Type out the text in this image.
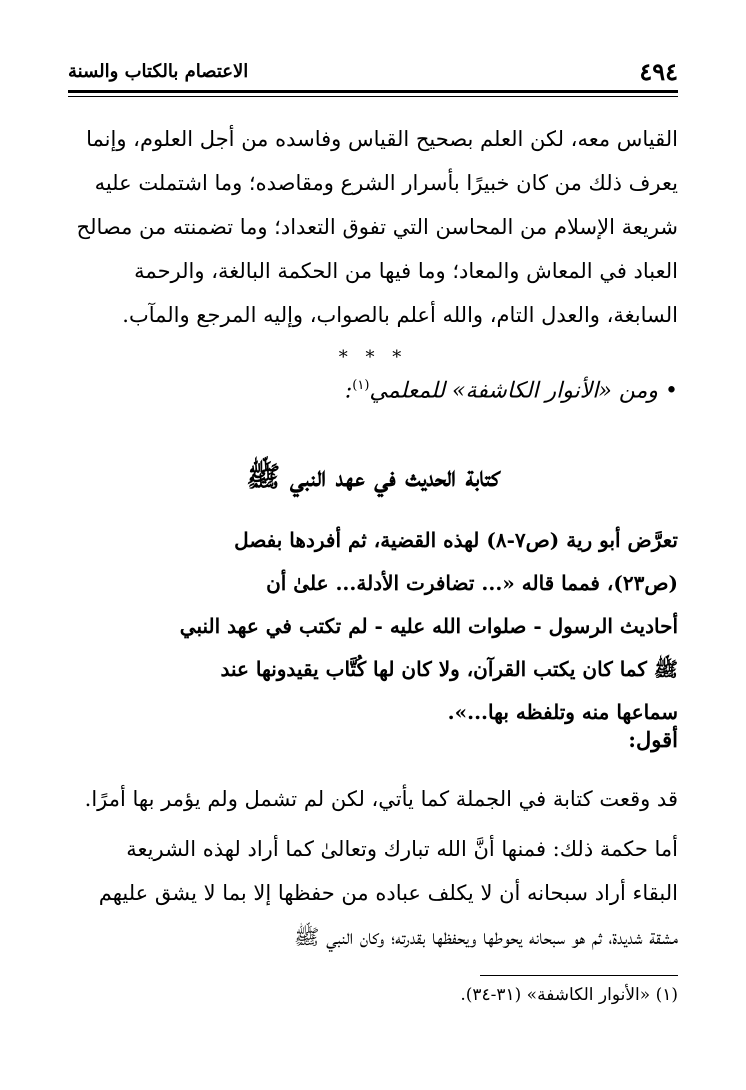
٤٩٤
الاعتصام بالكتاب والسنة
القياس معه، لكن العلم بصحيح القياس وفاسده من أجل العلوم، وإنما
يعرف ذلك من كان خبيرًا بأسرار الشرع ومقاصده؛ وما اشتملت عليه
شريعة الإسلام من المحاسن التي تفوق التعداد؛ وما تضمنته من مصالح
العباد في المعاش والمعاد؛ وما فيها من الحكمة البالغة، والرحمة
السابغة، والعدل التام، والله أعلم بالصواب، وإليه المرجع والمآب.
* * *
• ومن «الأنوار الكاشفة» للمعلمي$^{(١)}$:
كتابة الحديث في عهد النبي ﷺ
تعرَّض أبو رية (ص٧-٨) لهذه القضية، ثم أفردها بفصل
(ص٢٣)، فمما قاله «... تضافرت الأدلة... علىٰ أن
أحاديث الرسول - صلوات الله عليه - لم تكتب في عهد النبي
ﷺ كما كان يكتب القرآن، ولا كان لها كُتَّاب يقيدونها عند
سماعها منه وتلفظه بها...».
أقول:
قد وقعت كتابة في الجملة كما يأتي، لكن لم تشمل ولم يؤمر بها أمرًا.
أما حكمة ذلك: فمنها أنَّ الله تبارك وتعالىٰ كما أراد لهذه الشريعة
البقاء أراد سبحانه أن لا يكلف عباده من حفظها إلا بما لا يشق عليهم
مشقة شديدة، ثم هو سبحانه يحوطها ويحفظها بقدرته؛ وكان النبي ﷺ
(١) «الأنوار الكاشفة» (٣١-٣٤).
